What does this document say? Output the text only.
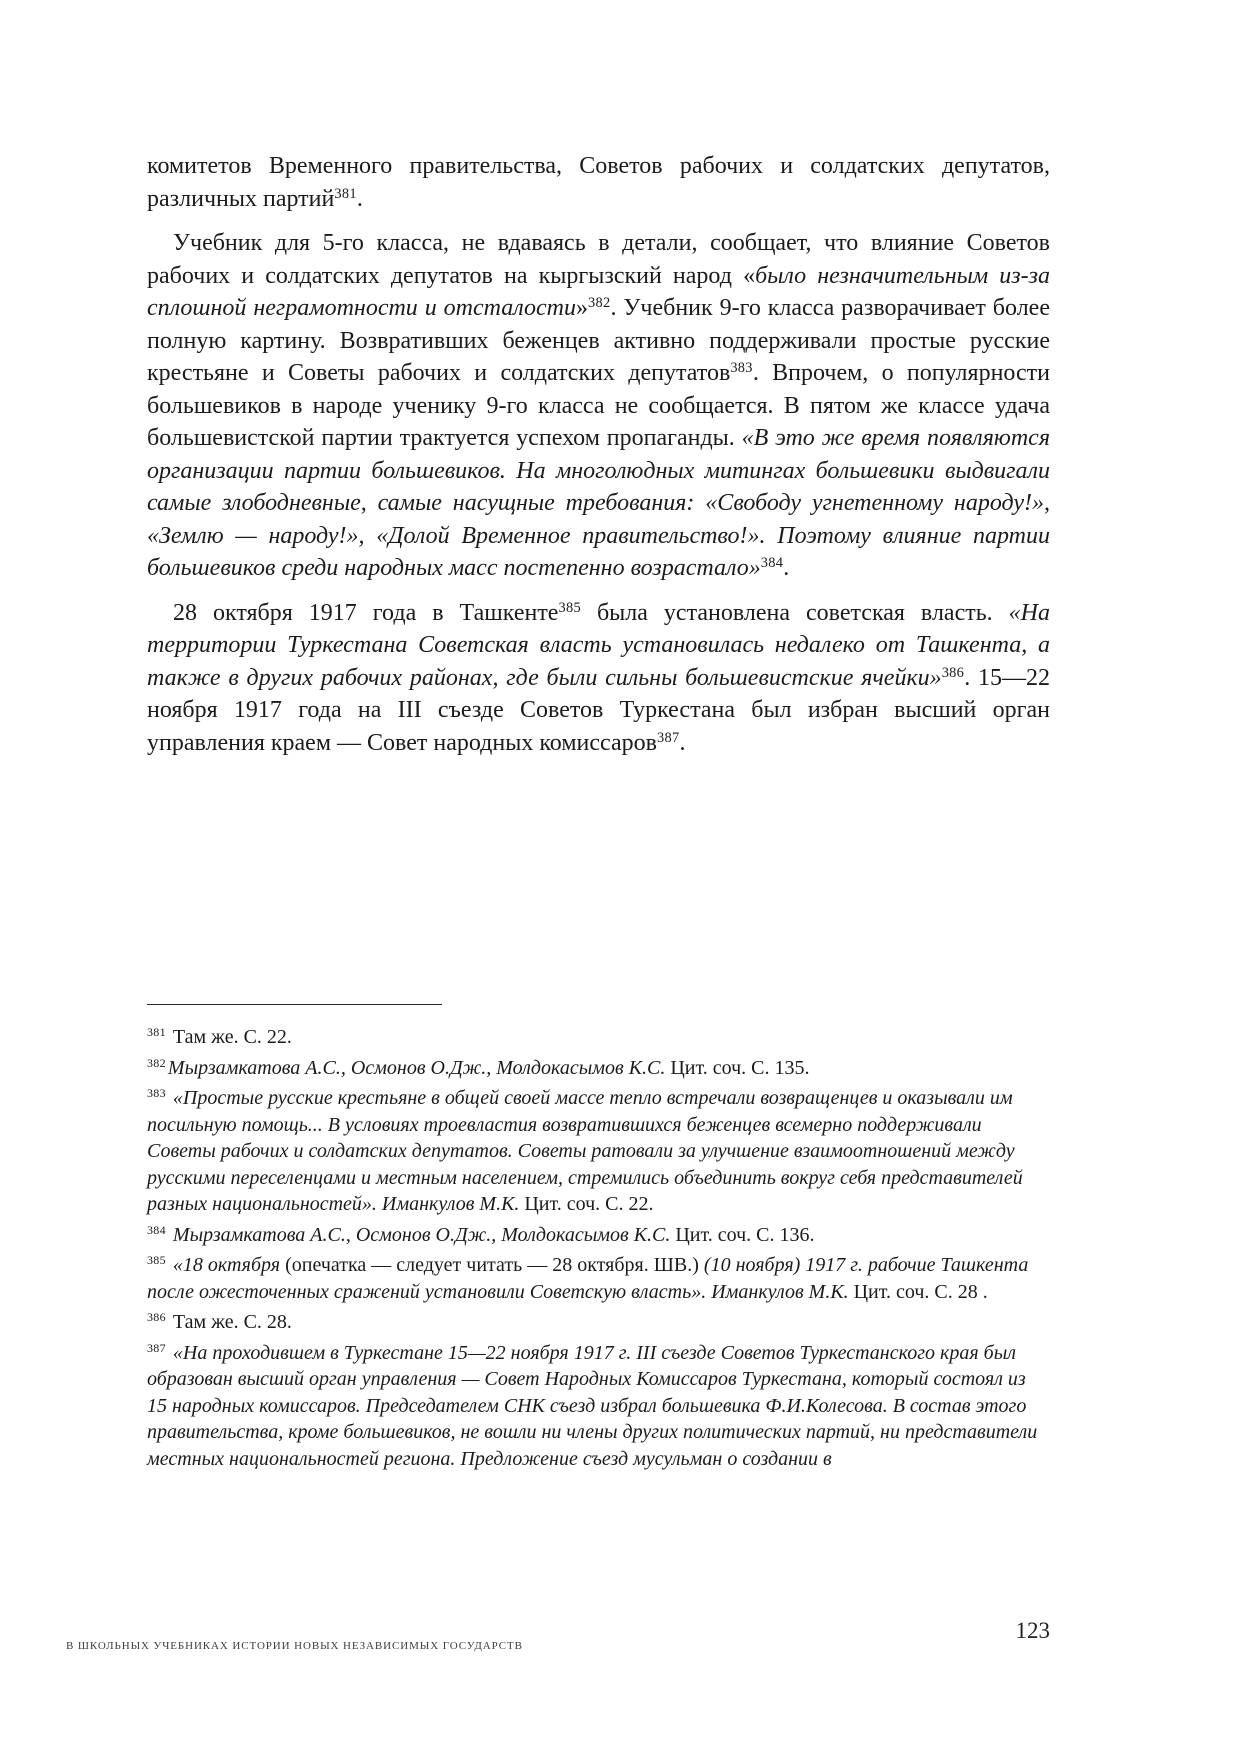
комитетов Временного правительства, Советов рабочих и солдатских депутатов, различных партий$^{381}$.

Учебник для 5-го класса, не вдаваясь в детали, сообщает, что влияние Советов рабочих и солдатских депутатов на кыргызский народ «было незначительным из-за сплошной неграмотности и отсталости»$^{382}$. Учебник 9-го класса разворачивает более полную картину. Возвративших беженцев активно поддерживали простые русские крестьяне и Советы рабочих и солдатских депутатов$^{383}$. Впрочем, о популярности большевиков в народе ученику 9-го класса не сообщается. В пятом же классе удача большевистской партии трактуется успехом пропаганды. «В это же время появляются организации партии большевиков. На многолюдных митингах большевики выдвигали самые злободневные, самые насущные требования: «Свободу угнетенному народу!», «Землю — народу!», «Долой Временное правительство!». Поэтому влияние партии большевиков среди народных масс постепенно возрастало»$^{384}$.

28 октября 1917 года в Ташкенте$^{385}$ была установлена советская власть. «На территории Туркестана Советская власть установилась недалеко от Ташкента, а также в других рабочих районах, где были сильны большевистские ячейки»$^{386}$. 15—22 ноября 1917 года на III съезде Советов Туркестана был избран высший орган управления краем — Совет народных комиссаров$^{387}$.

$^{381}$ Там же. С. 22.

$^{382}$ Мырзамкатова А.С., Осмонов О.Дж., Молдокасымов К.С. Цит. соч. С. 135.

$^{383}$ «Простые русские крестьяне в общей своей массе тепло встречали возвращенцев и оказывали им посильную помощь... В условиях троевластия возвратившихся беженцев всемерно поддерживали Советы рабочих и солдатских депутатов. Советы ратовали за улучшение взаимоотношений между русскими переселенцами и местным населением, стремились объединить вокруг себя представителей разных национальностей». Иманкулов М.К. Цит. соч. С. 22.

$^{384}$ Мырзамкатова А.С., Осмонов О.Дж., Молдокасымов К.С. Цит. соч. С. 136.

$^{385}$ «18 октября (опечатка — следует читать — 28 октября. ШВ.) (10 ноября) 1917 г. рабочие Ташкента после ожесточенных сражений установили Советскую власть». Иманкулов М.К. Цит. соч. С. 28 .

$^{386}$ Там же. С. 28.

$^{387}$ «На проходившем в Туркестане 15—22 ноября 1917 г. III съезде Советов Туркестанского края был образован высший орган управления — Совет Народных Комиссаров Туркестана, который состоял из 15 народных комиссаров. Председателем СНК съезд избрал большевика Ф.И.Колесова. В состав этого правительства, кроме большевиков, не вошли ни члены других политических партий, ни представители местных национальностей региона. Предложение съезд мусульман о создании в

В ШКОЛЬНЫХ УЧЕБНИКАХ ИСТОРИИ НОВЫХ НЕЗАВИСИМЫХ ГОСУДАРСТВ
123
